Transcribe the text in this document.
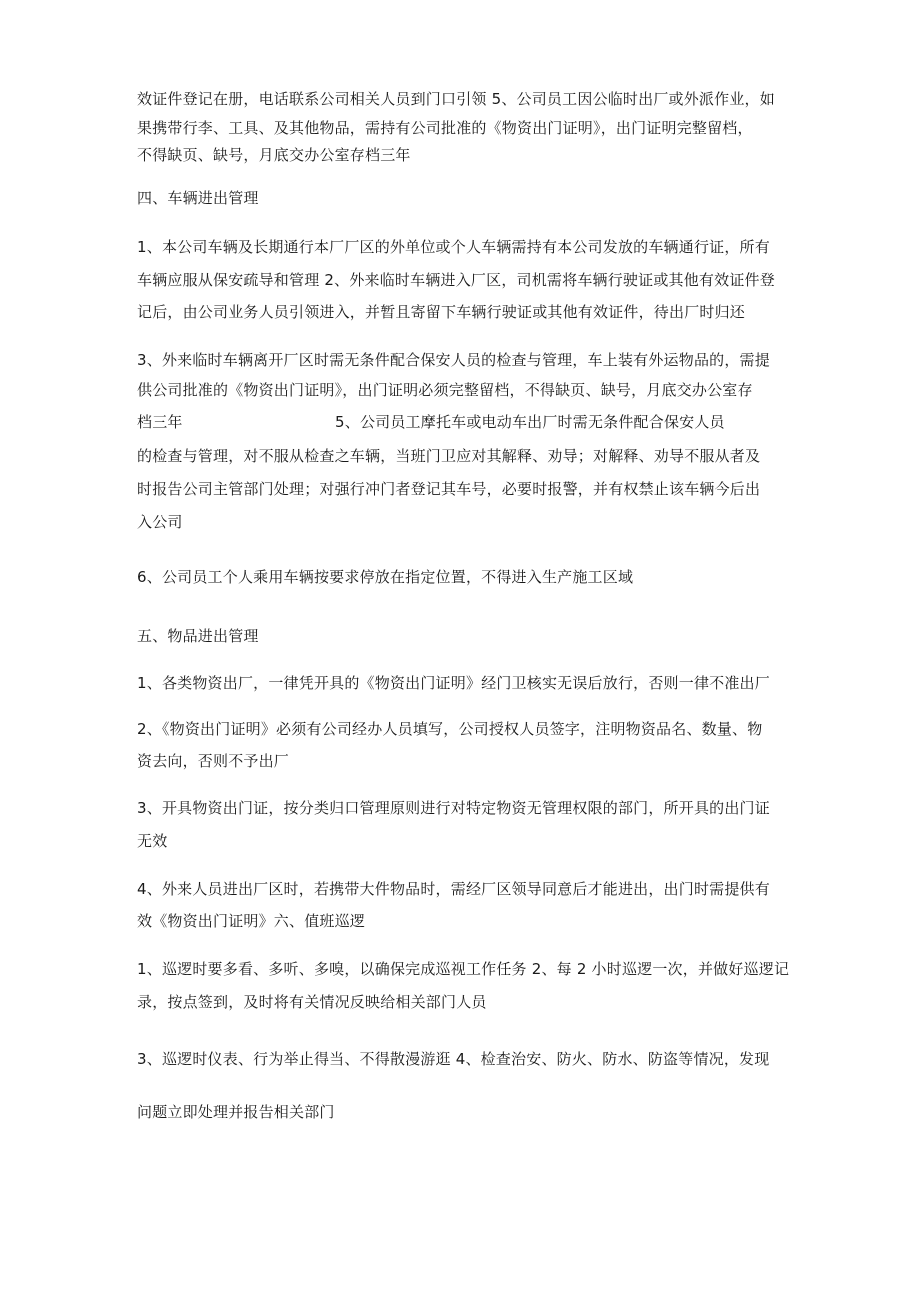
效证件登记在册，电话联系公司相关人员到门口引领 5、公司员工因公临时出厂或外派作业，如
果携带行李、工具、及其他物品，需持有公司批准的《物资出门证明》，出门证明完整留档，
不得缺页、缺号，月底交办公室存档三年
四、车辆进出管理
1、本公司车辆及长期通行本厂厂区的外单位或个人车辆需持有本公司发放的车辆通行证，所有
车辆应服从保安疏导和管理 2、外来临时车辆进入厂区，司机需将车辆行驶证或其他有效证件登
记后，由公司业务人员引领进入，并暂且寄留下车辆行驶证或其他有效证件，待出厂时归还
3、外来临时车辆离开厂区时需无条件配合保安人员的检查与管理，车上装有外运物品的，需提
供公司批准的《物资出门证明》，出门证明必须完整留档，不得缺页、缺号，月底交办公室存
档三年	5、公司员工摩托车或电动车出厂时需无条件配合保安人员
的检查与管理，对不服从检查之车辆，当班门卫应对其解释、劝导；对解释、劝导不服从者及
时报告公司主管部门处理；对强行冲门者登记其车号，必要时报警，并有权禁止该车辆今后出
入公司
6、公司员工个人乘用车辆按要求停放在指定位置，不得进入生产施工区域
五、物品进出管理
1、各类物资出厂，一律凭开具的《物资出门证明》经门卫核实无误后放行，否则一律不准出厂
2、《物资出门证明》必须有公司经办人员填写，公司授权人员签字，注明物资品名、数量、物
资去向，否则不予出厂
3、开具物资出门证，按分类归口管理原则进行对特定物资无管理权限的部门，所开具的出门证
无效
4、外来人员进出厂区时，若携带大件物品时，需经厂区领导同意后才能进出，出门时需提供有
效《物资出门证明》六、值班巡逻
1、巡逻时要多看、多听、多嗅，以确保完成巡视工作任务 2、每 2 小时巡逻一次，并做好巡逻记
录，按点签到，及时将有关情况反映给相关部门人员
3、巡逻时仪表、行为举止得当、不得散漫游逛 4、检查治安、防火、防水、防盗等情况，发现
问题立即处理并报告相关部门
